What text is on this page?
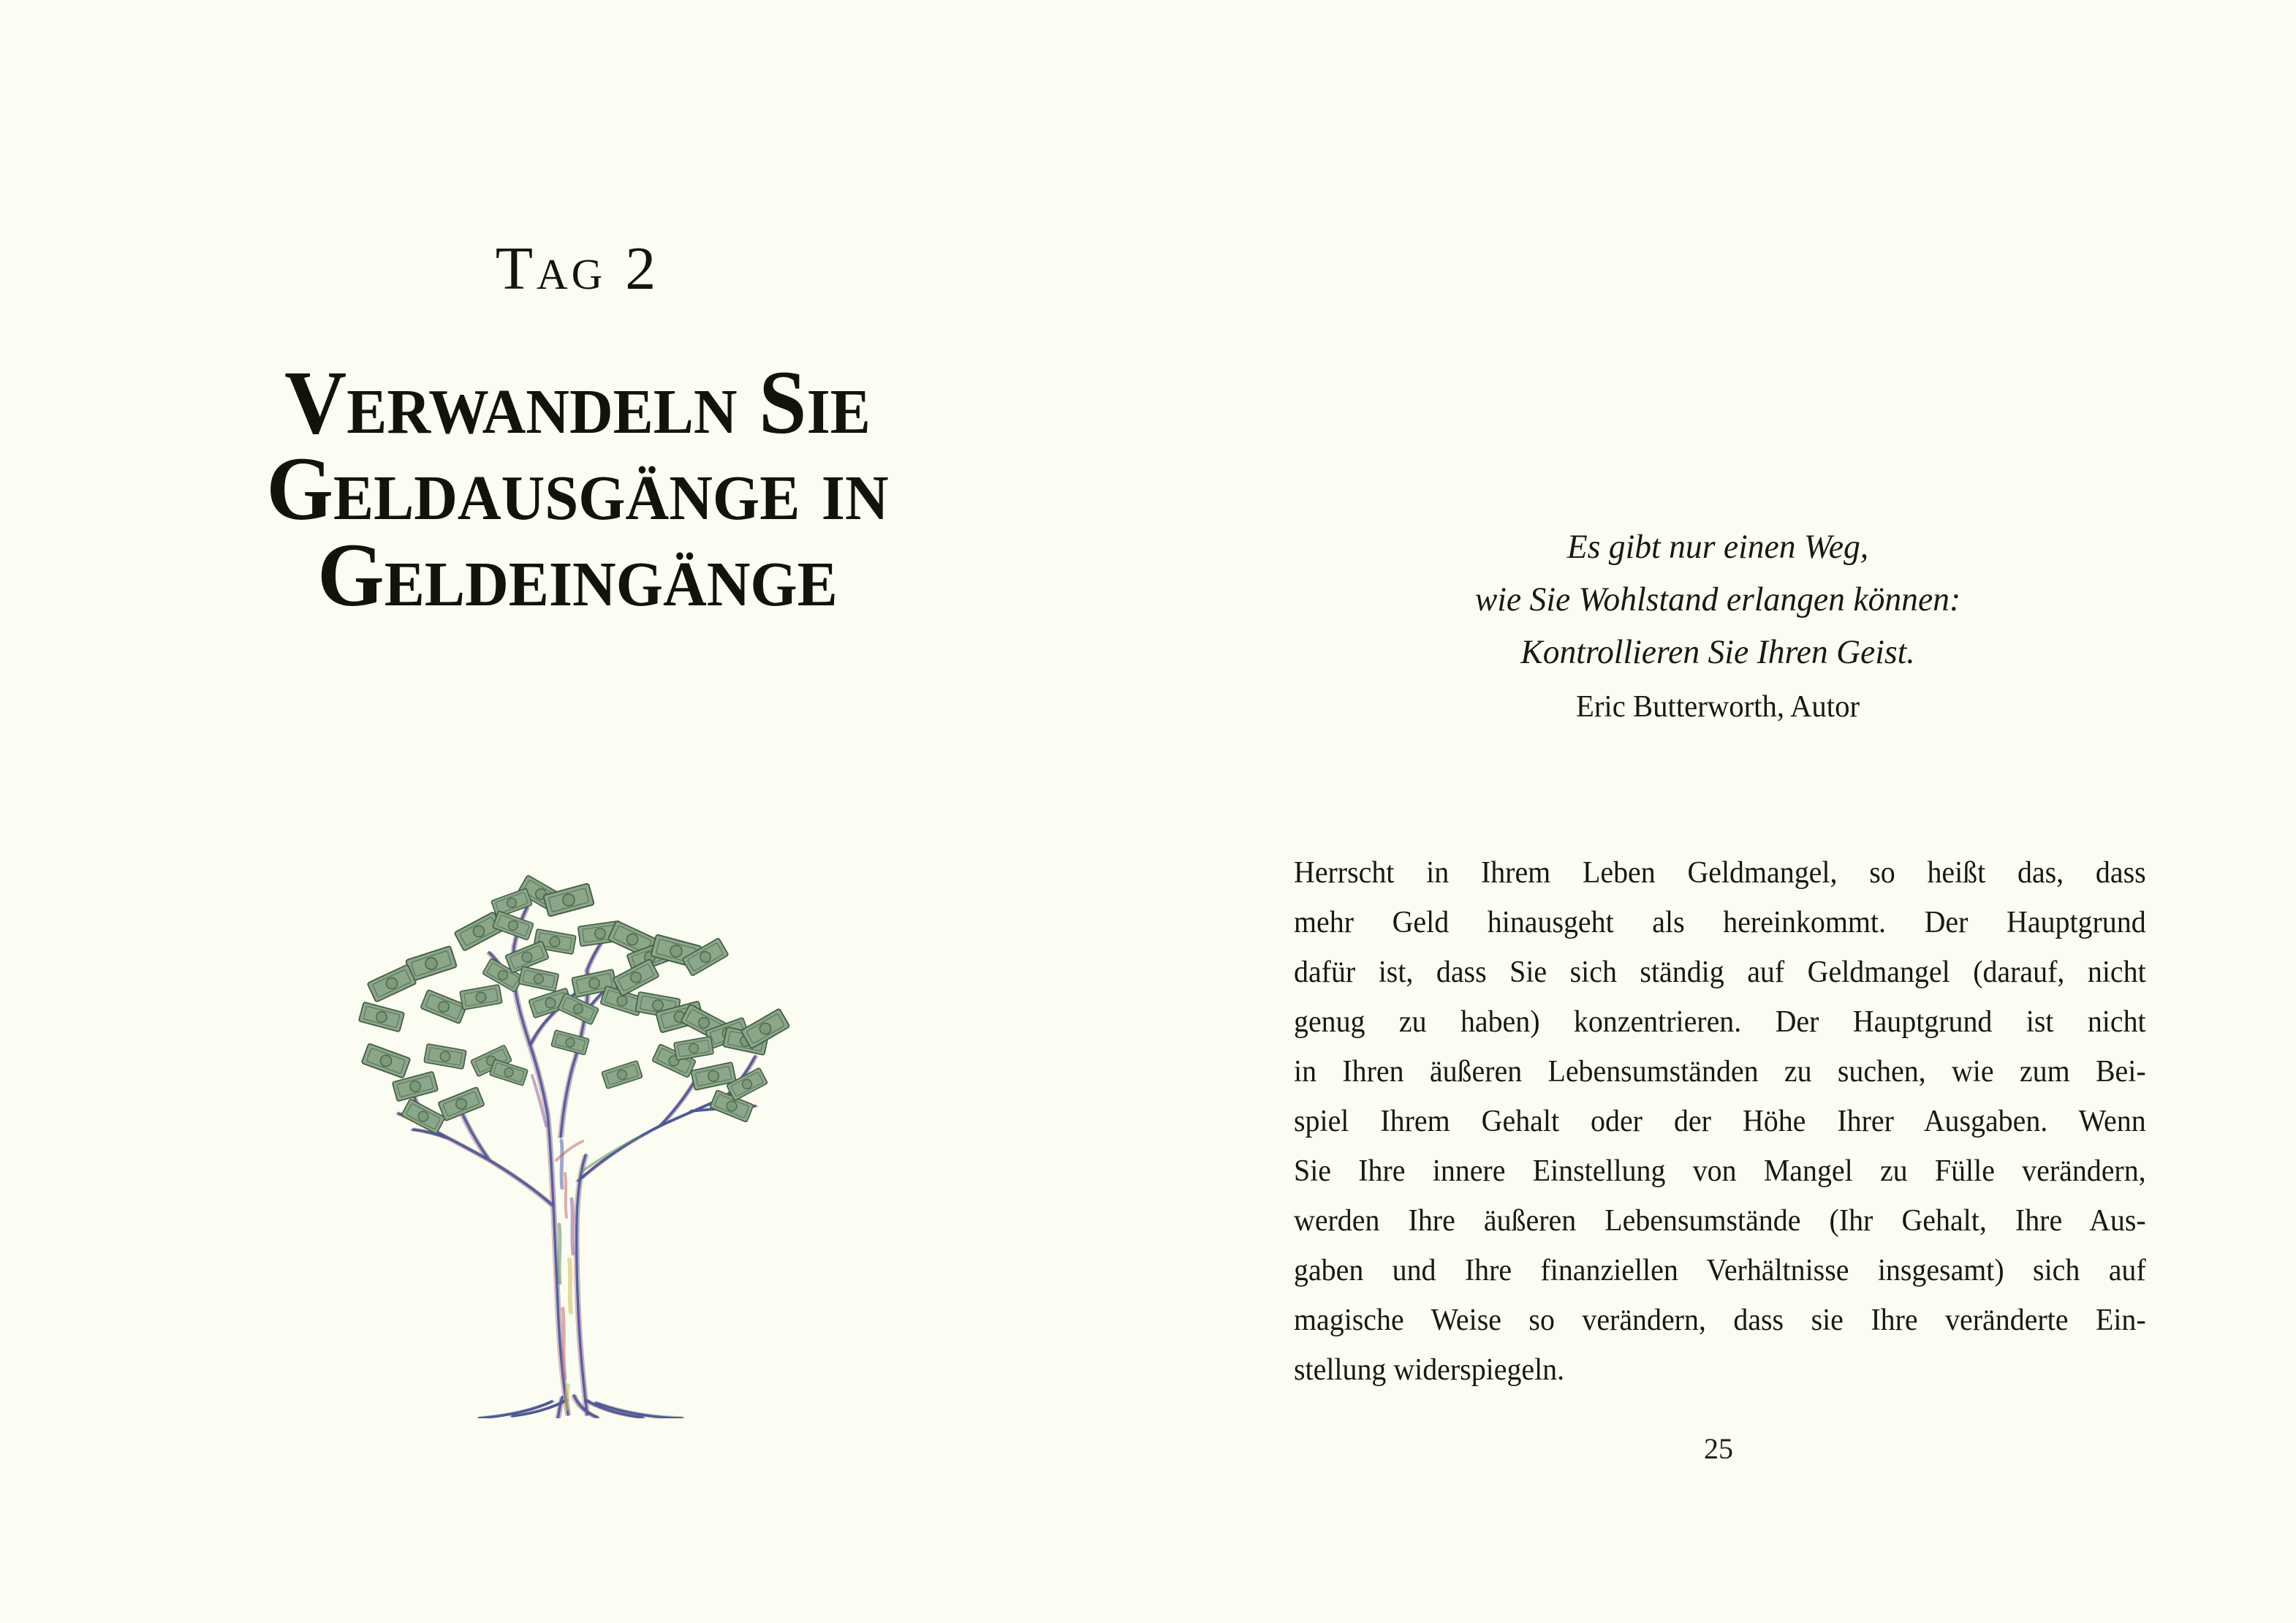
Tag 2
Verwandeln Sie
Geldausgänge in
Geldeingänge	Es gibt nur einen Weg,
wie Sie Wohlstand erlangen können:
Kontrollieren Sie Ihren Geist.
Eric Butterworth, Autor
Herrscht in Ihrem Leben Geldmangel, so heißt das, dass
mehr Geld hinausgeht als hereinkommt. Der Hauptgrund
dafür ist, dass Sie sich ständig auf Geldmangel (darauf, nicht
genug zu haben) konzentrieren. Der Hauptgrund ist nicht
in Ihren äußeren Lebensumständen zu suchen, wie zum Bei-
spiel Ihrem Gehalt oder der Höhe Ihrer Ausgaben. Wenn
Sie Ihre innere Einstellung von Mangel zu Fülle verändern,
werden Ihre äußeren Lebensumstände (Ihr Gehalt, Ihre Aus-
gaben und Ihre finanziellen Verhältnisse insgesamt) sich auf
magische Weise so verändern, dass sie Ihre veränderte Ein-
stellung widerspiegeln.
25
